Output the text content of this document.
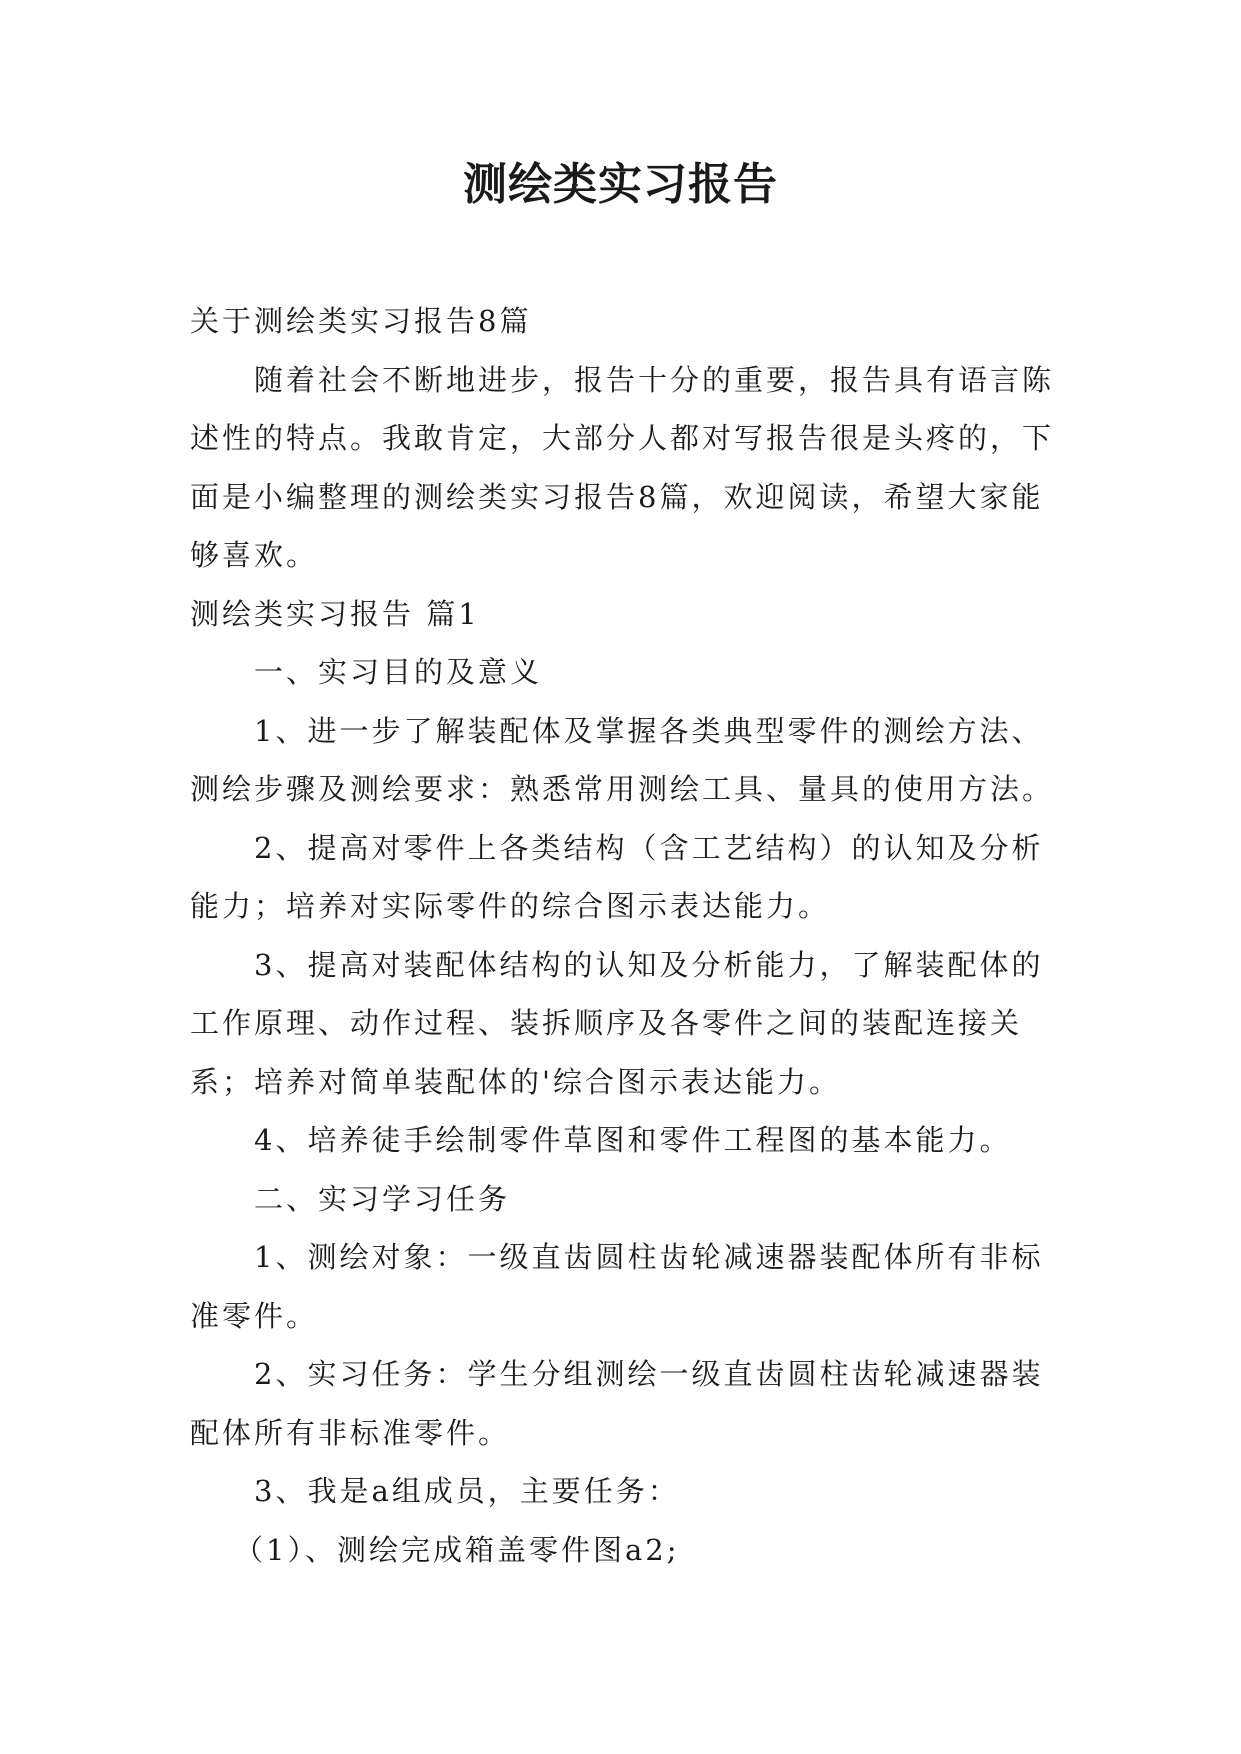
测绘类实习报告

关于测绘类实习报告8篇

随着社会不断地进步，报告十分的重要，报告具有语言陈述性的特点。我敢肯定，大部分人都对写报告很是头疼的，下面是小编整理的测绘类实习报告8篇，欢迎阅读，希望大家能够喜欢。

测绘类实习报告 篇1

一、实习目的及意义

1、进一步了解装配体及掌握各类典型零件的测绘方法、测绘步骤及测绘要求：熟悉常用测绘工具、量具的使用方法。

2、提高对零件上各类结构（含工艺结构）的认知及分析能力；培养对实际零件的综合图示表达能力。

3、提高对装配体结构的认知及分析能力，了解装配体的工作原理、动作过程、装拆顺序及各零件之间的装配连接关系；培养对简单装配体的'综合图示表达能力。

4、培养徒手绘制零件草图和零件工程图的基本能力。

二、实习学习任务

1、测绘对象：一级直齿圆柱齿轮减速器装配体所有非标准零件。

2、实习任务：学生分组测绘一级直齿圆柱齿轮减速器装配体所有非标准零件。

3、我是a组成员，主要任务：

（1）、测绘完成箱盖零件图a2;
